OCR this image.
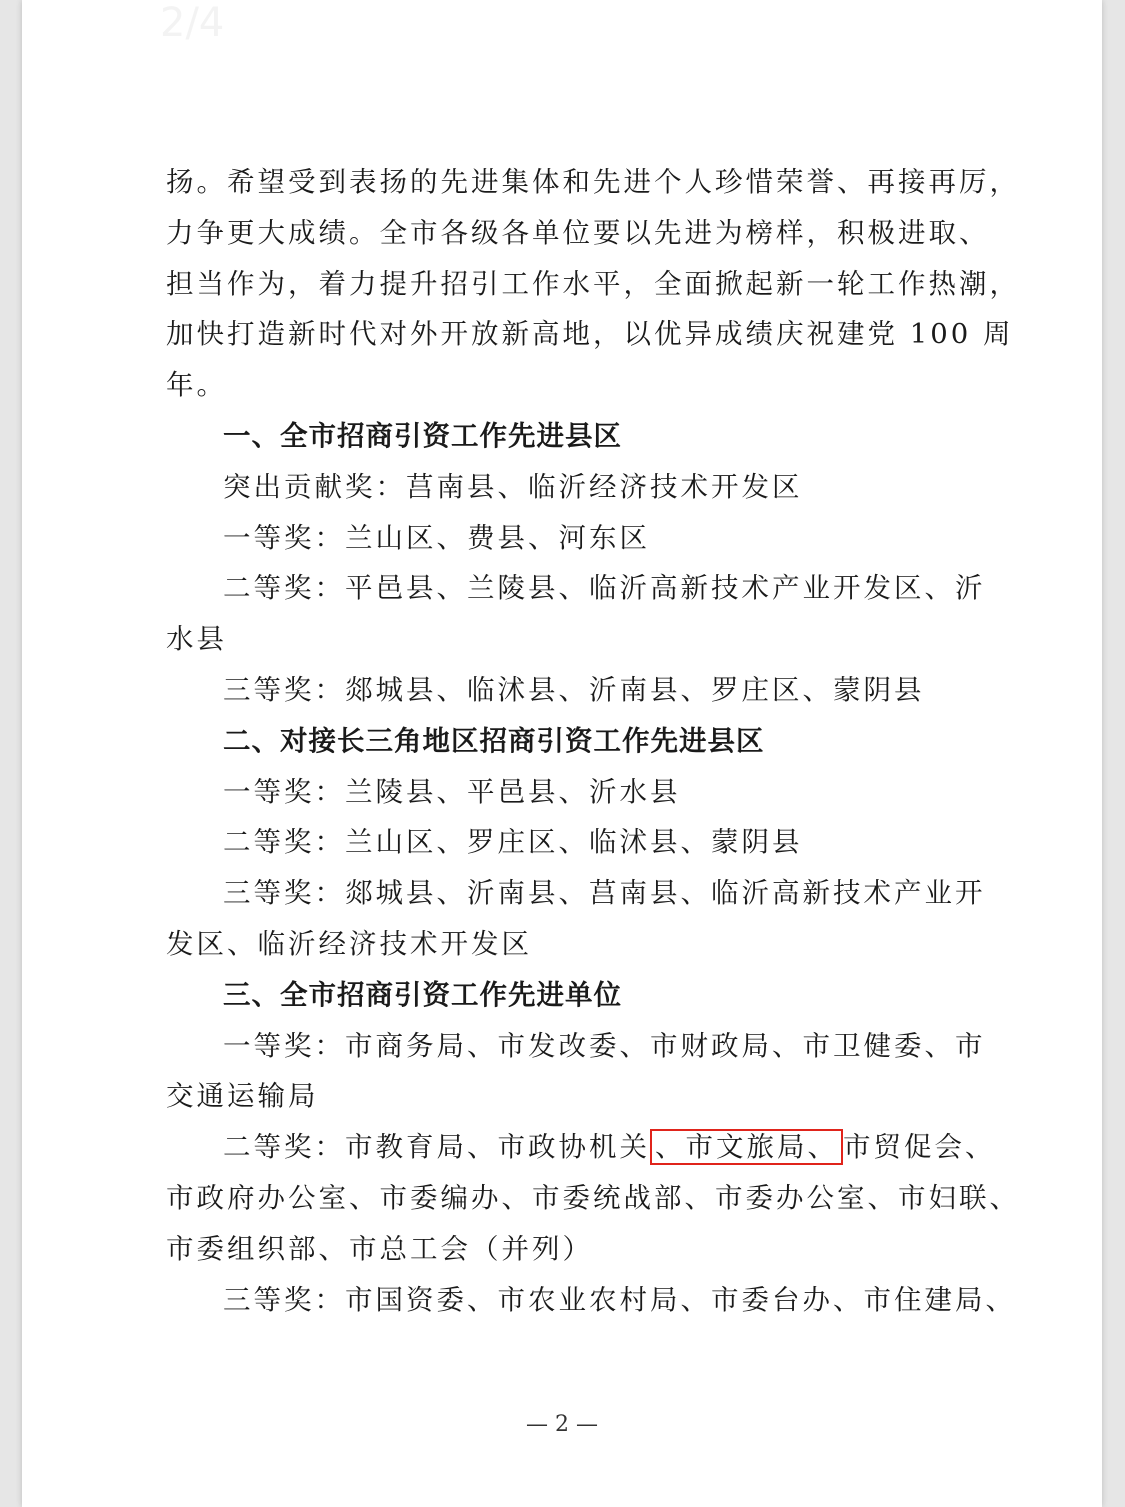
2/4
扬。希望受到表扬的先进集体和先进个人珍惜荣誉、再接再厉，
力争更大成绩。全市各级各单位要以先进为榜样，积极进取、
担当作为，着力提升招引工作水平，全面掀起新一轮工作热潮，
加快打造新时代对外开放新高地，以优异成绩庆祝建党 100 周
年。
一、全市招商引资工作先进县区
突出贡献奖：莒南县、临沂经济技术开发区
一等奖：兰山区、费县、河东区
二等奖：平邑县、兰陵县、临沂高新技术产业开发区、沂
水县
三等奖：郯城县、临沭县、沂南县、罗庄区、蒙阴县
二、对接长三角地区招商引资工作先进县区
一等奖：兰陵县、平邑县、沂水县
二等奖：兰山区、罗庄区、临沭县、蒙阴县
三等奖：郯城县、沂南县、莒南县、临沂高新技术产业开
发区、临沂经济技术开发区
三、全市招商引资工作先进单位
一等奖：市商务局、市发改委、市财政局、市卫健委、市
交通运输局
二等奖：市教育局、市政协机关 、市文旅局、 市贸促会、
市政府办公室、市委编办、市委统战部、市委办公室、市妇联、
市委组织部、市总工会（并列）
三等奖：市国资委、市农业农村局、市委台办、市住建局、
— 2 —
